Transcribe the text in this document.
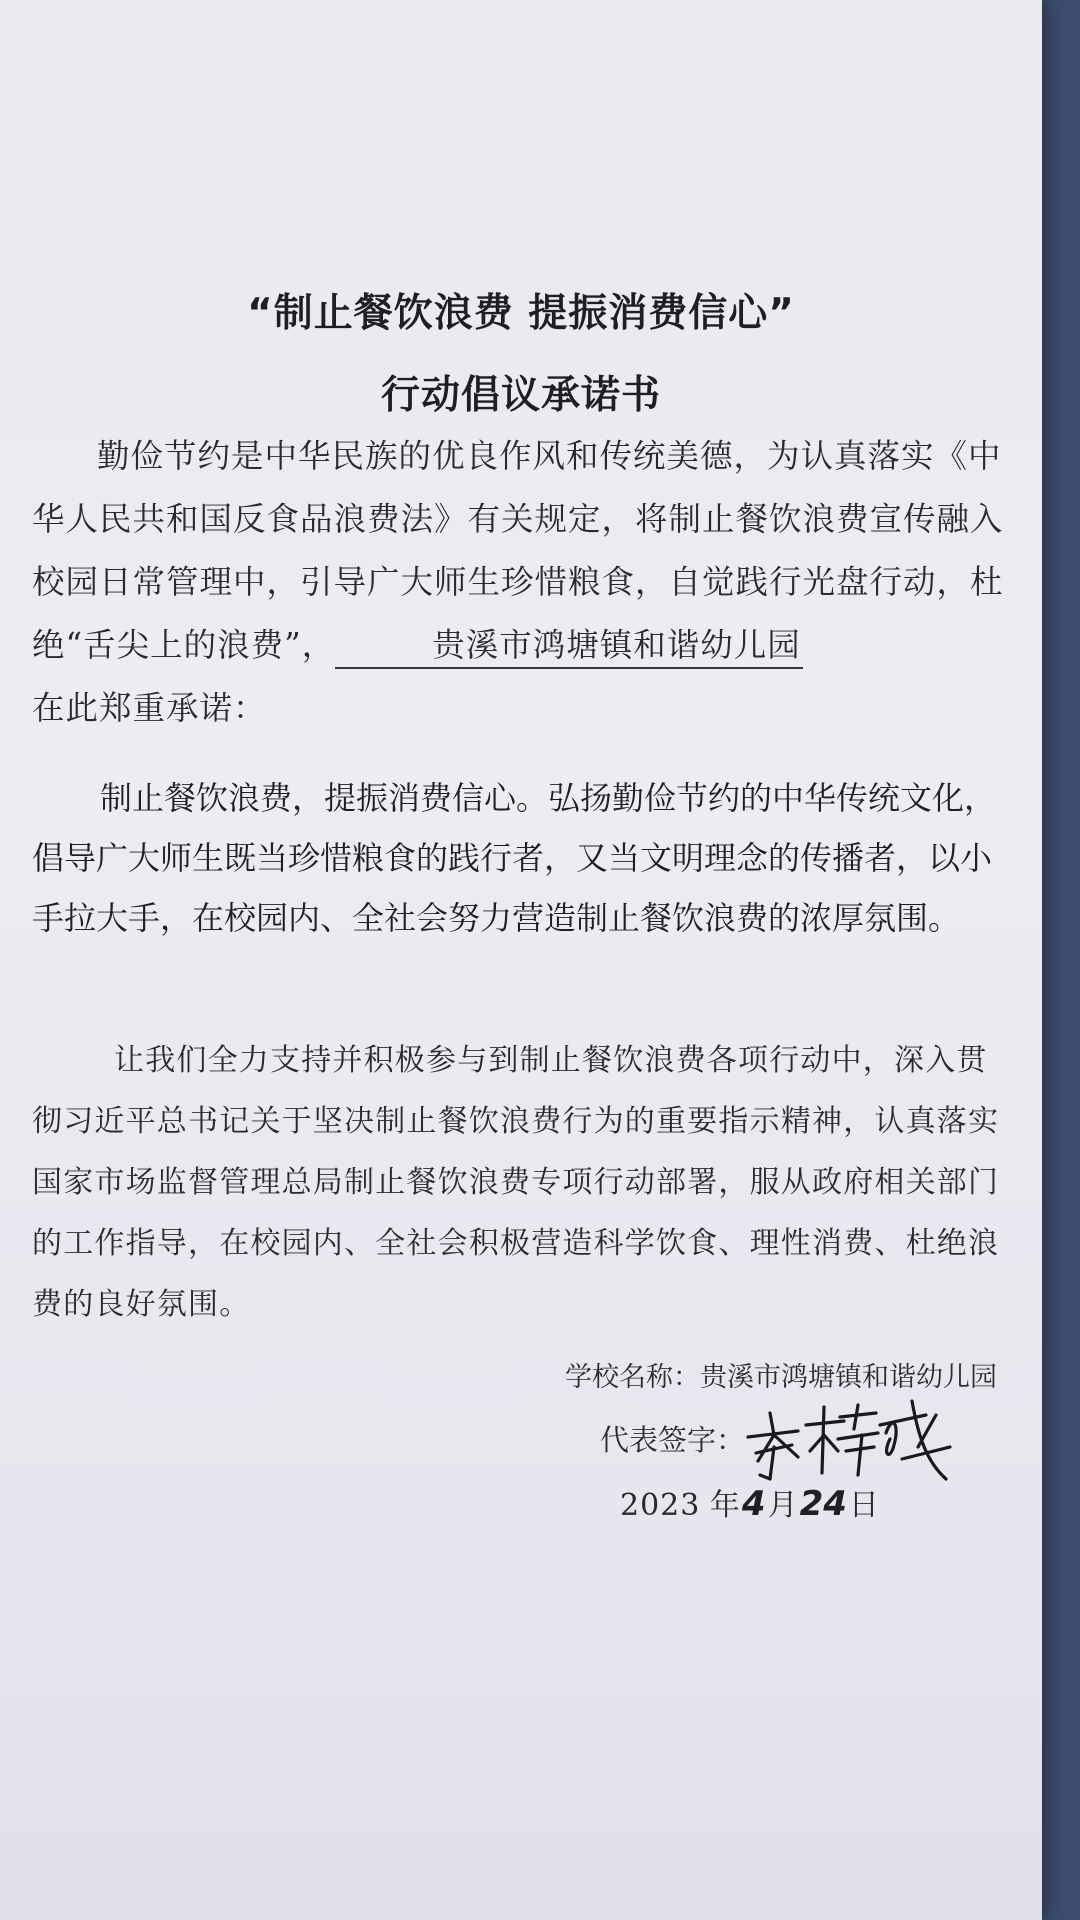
“制止餐饮浪费 提振消费信心”
行动倡议承诺书

勤俭节约是中华民族的优良作风和传统美德，为认真落实《中华人民共和国反食品浪费法》有关规定，将制止餐饮浪费宣传融入校园日常管理中，引导广大师生珍惜粮食，自觉践行光盘行动，杜绝“舌尖上的浪费”，	贵溪市鸿塘镇和谐幼儿园
在此郑重承诺：

制止餐饮浪费，提振消费信心。弘扬勤俭节约的中华传统文化，倡导广大师生既当珍惜粮食的践行者，又当文明理念的传播者，以小手拉大手，在校园内、全社会努力营造制止餐饮浪费的浓厚氛围。

让我们全力支持并积极参与到制止餐饮浪费各项行动中，深入贯彻习近平总书记关于坚决制止餐饮浪费行为的重要指示精神，认真落实国家市场监督管理总局制止餐饮浪费专项行动部署，服从政府相关部门的工作指导，在校园内、全社会积极营造科学饮食、理性消费、杜绝浪费的良好氛围。

学校名称：贵溪市鸿塘镇和谐幼儿园
代表签字：
2023 年4月24日
